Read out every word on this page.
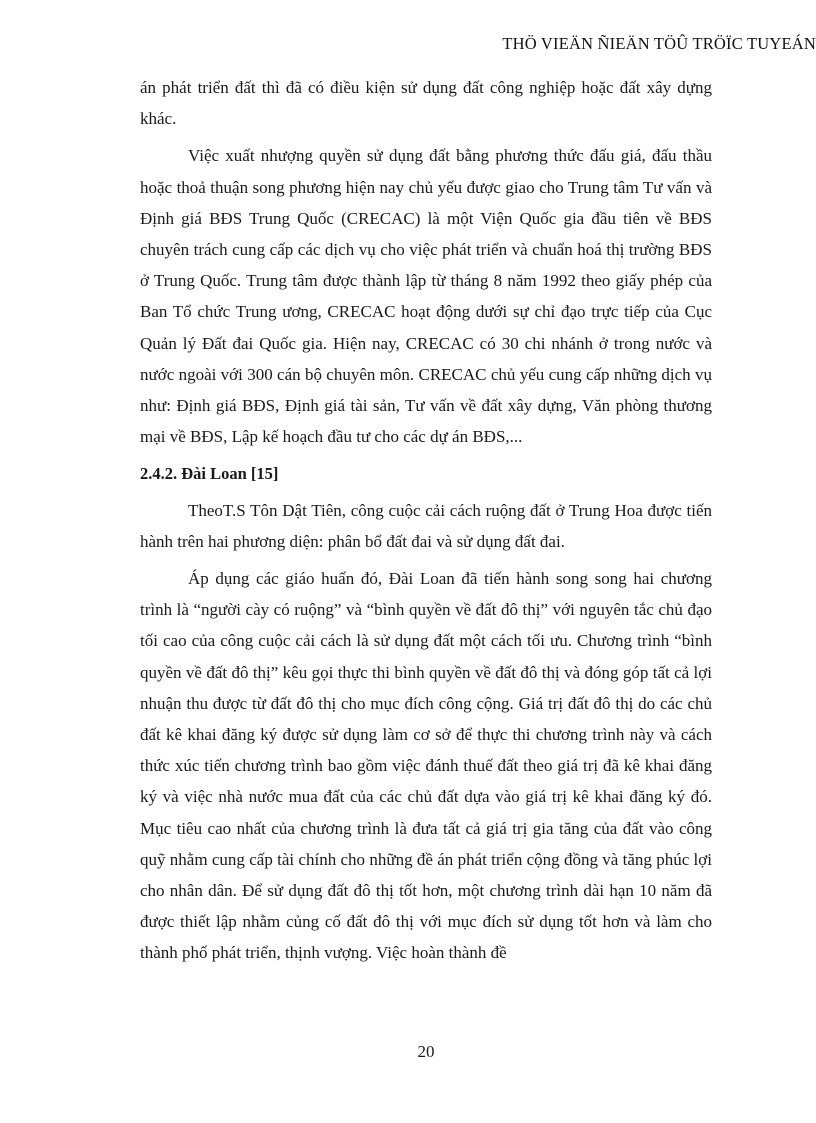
THÖ VIEÄN ÑIEÄN TÖÛ TRÖÏC TUYEÁN

án phát triển đất thì đã có điều kiện sử dụng đất công nghiệp hoặc đất xây dựng khác.

Việc xuất nhượng quyền sử dụng đất bằng phương thức đấu giá, đấu thầu hoặc thoả thuận song phương hiện nay chủ yếu được giao cho Trung tâm Tư vấn và Định giá BĐS Trung Quốc (CRECAC) là một Viện Quốc gia đầu tiên về BĐS chuyên trách cung cấp các dịch vụ cho việc phát triển và chuẩn hoá thị trường BĐS ở Trung Quốc. Trung tâm được thành lập từ tháng 8 năm 1992 theo giấy phép của Ban Tổ chức Trung ương, CRECAC hoạt động dưới sự chỉ đạo trực tiếp của Cục Quản lý Đất đai Quốc gia. Hiện nay, CRECAC có 30 chi nhánh ở trong nước và nước ngoài với 300 cán bộ chuyên môn. CRECAC chủ yếu cung cấp những dịch vụ như: Định giá BĐS, Định giá tài sản, Tư vấn về đất xây dựng, Văn phòng thương mại về BĐS, Lập kế hoạch đầu tư cho các dự án BĐS,...

2.4.2. Đài Loan [15]

TheoT.S Tôn Dật Tiên, công cuộc cải cách ruộng đất ở Trung Hoa được tiến hành trên hai phương diện: phân bổ đất đai và sử dụng đất đai.

Áp dụng các giáo huấn đó, Đài Loan đã tiến hành song song hai chương trình là “người cày có ruộng” và “bình quyền về đất đô thị” với nguyên tắc chủ đạo tối cao của công cuộc cải cách là sử dụng đất một cách tối ưu. Chương trình “bình quyền về đất đô thị” kêu gọi thực thi bình quyền về đất đô thị và đóng góp tất cả lợi nhuận thu được từ đất đô thị cho mục đích công cộng. Giá trị đất đô thị do các chủ đất kê khai đăng ký được sử dụng làm cơ sở để thực thi chương trình này và cách thức xúc tiến chương trình bao gồm việc đánh thuế đất theo giá trị đã kê khai đăng ký và việc nhà nước mua đất của các chủ đất dựa vào giá trị kê khai đăng ký đó. Mục tiêu cao nhất của chương trình là đưa tất cả giá trị gia tăng của đất vào công quỹ nhằm cung cấp tài chính cho những đề án phát triển cộng đồng và tăng phúc lợi cho nhân dân. Để sử dụng đất đô thị tốt hơn, một chương trình dài hạn 10 năm đã được thiết lập nhằm củng cố đất đô thị với mục đích sử dụng tốt hơn và làm cho thành phố phát triển, thịnh vượng. Việc hoàn thành đề

20
